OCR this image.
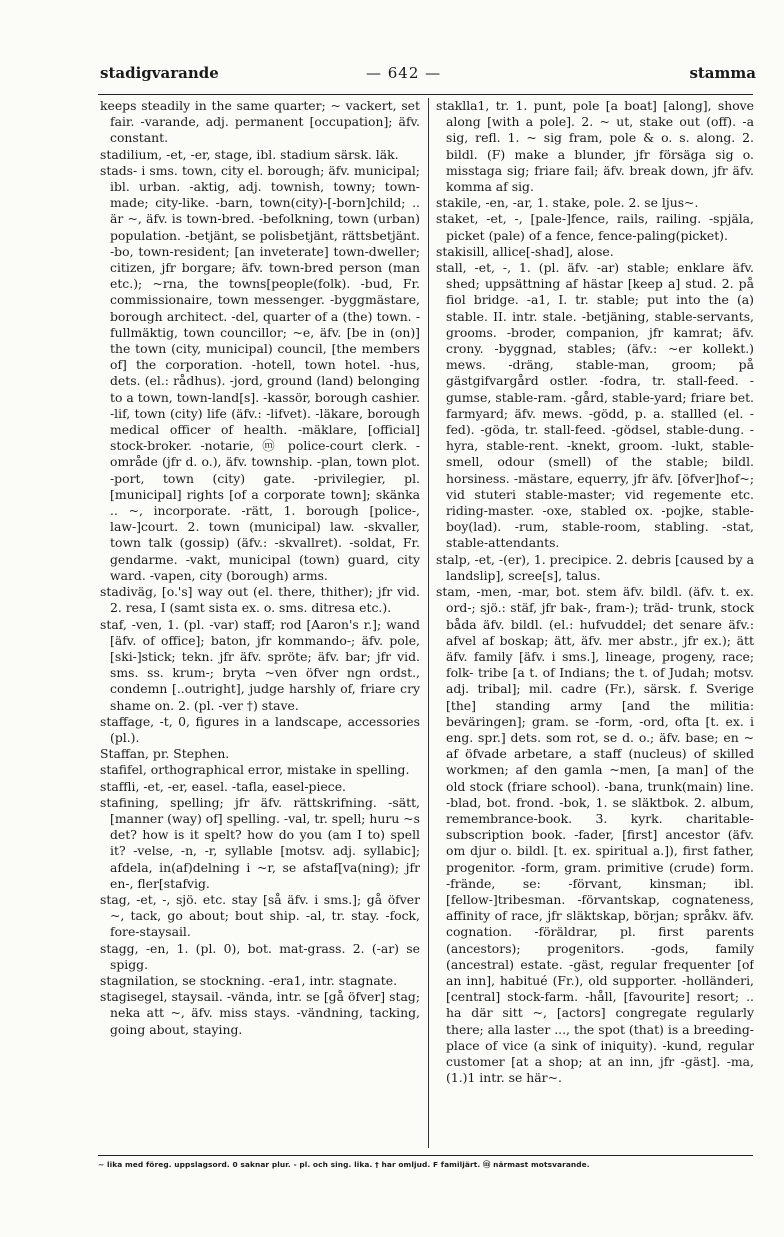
stadigvarande	— 642 —	stamma

keeps steadily in the same quarter; ~ vackert, set fair. -varande, adj. permanent [occupation]; äfv. constant.

stadilium, -et, -er, stage, ibl. stadium särsk. läk.

stads- i sms. town, city el. borough; äfv. municipal; ibl. urban. -aktig, adj. townish, towny; town-made; city-like. -barn, town(city)-[-born]child; .. är ~, äfv. is town-bred. -befolkning, town (urban) population. -betjänt, se polisbetjänt, rättsbetjänt. -bo, town-resident; [an inveterate] town-dweller; citizen, jfr borgare; äfv. town-bred person (man etc.); ~rna, the towns[people(folk). -bud, Fr. commissionaire, town messenger. -byggmästare, borough architect. -del, quarter of a (the) town. -fullmäktig, town councillor; ~e, äfv. [be in (on)] the town (city, municipal) council, [the members of] the corporation. -hotell, town hotel. -hus, dets. (el.: rådhus). -jord, ground (land) belonging to a town, town-land[s]. -kassör, borough cashier. -lif, town (city) life (äfv.: -lifvet). -läkare, borough medical officer of health. -mäklare, [official] stock-broker. -notarie, ⓜ police-court clerk. -område (jfr d. o.), äfv. township. -plan, town plot. -port, town (city) gate. -privilegier, pl. [municipal] rights [of a corporate town]; skänka .. ~, incorporate. -rätt, 1. borough [police-, law-]court. 2. town (municipal) law. -skvaller, town talk (gossip) (äfv.: -skvallret). -soldat, Fr. gendarme. -vakt, municipal (town) guard, city ward. -vapen, city (borough) arms.

stadiväg, [o.'s] way out (el. there, thither); jfr vid. 2. resa, I (samt sista ex. o. sms. ditresa etc.).

staf, -ven, 1. (pl. -var) staff; rod [Aaron's r.]; wand [äfv. of office]; baton, jfr kommando-; äfv. pole, [ski-]stick; tekn. jfr äfv. spröte; äfv. bar; jfr vid. sms. ss. krum-; bryta ~ven öfver ngn ordst., condemn [..outright], judge harshly of, friare cry shame on. 2. (pl. -ver †) stave.

staffage, -t, 0, figures in a landscape, accessories (pl.).

Staffan, pr. Stephen.

stafifel, orthographical error, mistake in spelling.

staffli, -et, -er, easel. -tafla, easel-piece.

stafining, spelling; jfr äfv. rättskrifning. -sätt, [manner (way) of] spelling. -val, tr. spell; huru ~s det? how is it spelt? how do you (am I to) spell it? -velse, -n, -r, syllable [motsv. adj. syllabic]; afdela, in(af)delning i ~r, se afstaf[va(ning); jfr en-, fler[stafvig.

stag, -et, -, sjö. etc. stay [så äfv. i sms.]; gå öfver ~, tack, go about; bout ship. -al, tr. stay. -fock, fore-staysail.

stagg, -en, 1. (pl. 0), bot. mat-grass. 2. (-ar) se spigg.

stagnilation, se stockning. -era1, intr. stagnate.

stagisegel, staysail. -vända, intr. se [gå öfver] stag; neka att ~, äfv. miss stays. -vändning, tacking, going about, staying.

staklla1, tr. 1. punt, pole [a boat] [along], shove along [with a pole]. 2. ~ ut, stake out (off). -a sig, refl. 1. ~ sig fram, pole & o. s. along. 2. bildl. (F) make a blunder, jfr försäga sig o. misstaga sig; friare fail; äfv. break down, jfr äfv. komma af sig.

stakile, -en, -ar, 1. stake, pole. 2. se ljus~.

staket, -et, -, [pale-]fence, rails, railing. -spjäla, picket (pale) of a fence, fence-paling(picket).

stakisill, allice[-shad], alose.

stall, -et, -, 1. (pl. äfv. -ar) stable; enklare äfv. shed; uppsättning af hästar [keep a] stud. 2. på fiol bridge. -a1, I. tr. stable; put into the (a) stable. II. intr. stale. -betjäning, stable-servants, grooms. -broder, companion, jfr kamrat; äfv. crony. -byggnad, stables; (äfv.: ~er kollekt.) mews. -dräng, stable-man, groom; på gästgifvargård ostler. -fodra, tr. stall-feed. -gumse, stable-ram. -gård, stable-yard; friare bet. farmyard; äfv. mews. -gödd, p. a. stallled (el. -fed). -göda, tr. stall-feed. -gödsel, stable-dung. -hyra, stable-rent. -knekt, groom. -lukt, stable-smell, odour (smell) of the stable; bildl. horsiness. -mästare, equerry, jfr äfv. [öfver]hof~; vid stuteri stable-master; vid regemente etc. riding-master. -oxe, stabled ox. -pojke, stable-boy(lad). -rum, stable-room, stabling. -stat, stable-attendants.

stalp, -et, -(er), 1. precipice. 2. debris [caused by a landslip], scree[s], talus.

stam, -men, -mar, bot. stem äfv. bildl. (äfv. t. ex. ord-; sjö.: stäf, jfr bak-, fram-); träd- trunk, stock båda äfv. bildl. (el.: hufvuddel; det senare äfv.: afvel af boskap; ätt, äfv. mer abstr., jfr ex.); ätt äfv. family [äfv. i sms.], lineage, progeny, race; folk- tribe [a t. of Indians; the t. of Judah; motsv. adj. tribal]; mil. cadre (Fr.), särsk. f. Sverige [the] standing army [and the militia: beväringen]; gram. se -form, -ord, ofta [t. ex. i eng. spr.] dets. som rot, se d. o.; äfv. base; en ~ af öfvade arbetare, a staff (nucleus) of skilled workmen; af den gamla ~men, [a man] of the old stock (friare school). -bana, trunk(main) line. -blad, bot. frond. -bok, 1. se släktbok. 2. album, remembrance-book. 3. kyrk. charitable-subscription book. -fader, [first] ancestor (äfv. om djur o. bildl. [t. ex. spiritual a.]), first father, progenitor. -form, gram. primitive (crude) form. -frände, se: -förvant, kinsman; ibl. [fellow-]tribesman. -förvantskap, cognateness, affinity of race, jfr släktskap, början; språkv. äfv. cognation. -föräldrar, pl. first parents (ancestors); progenitors. -gods, family (ancestral) estate. -gäst, regular frequenter [of an inn], habitué (Fr.), old supporter. -holländeri, [central] stock-farm. -håll, [favourite] resort; .. ha där sitt ~, [actors] congregate regularly there; alla laster ..., the spot (that) is a breeding-place of vice (a sink of iniquity). -kund, regular customer [at a shop; at an inn, jfr -gäst]. -ma, (1.)1 intr. se här~.

~ lika med föreg. uppslagsord. 0 saknar plur. - pl. och sing. lika. † har omljud. F familjärt. ⓜ närmast motsvarande.
